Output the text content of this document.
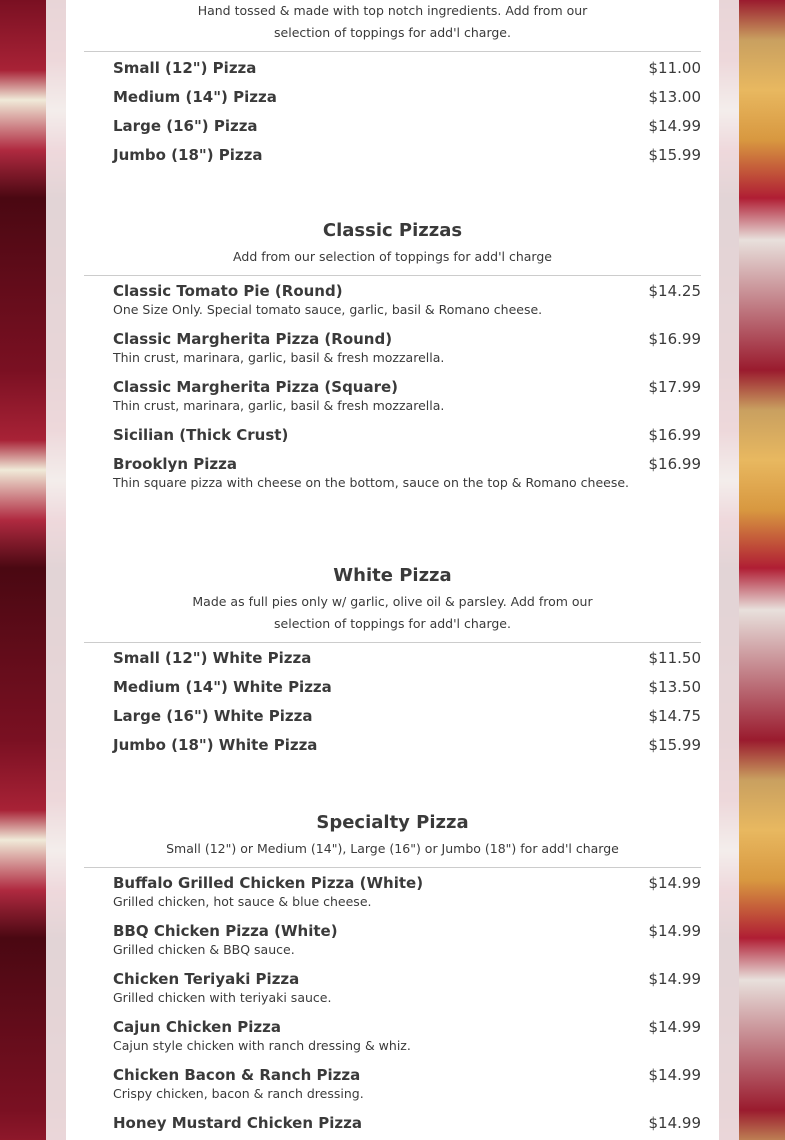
Hand tossed & made with top notch ingredients. Add from our selection of toppings for add'l charge.
Small (12") Pizza	$11.00
Medium (14") Pizza	$13.00
Large (16") Pizza	$14.99
Jumbo (18") Pizza	$15.99
Classic Pizzas
Add from our selection of toppings for add'l charge
Classic Tomato Pie (Round)	$14.25
One Size Only. Special tomato sauce, garlic, basil & Romano cheese.
Classic Margherita Pizza (Round)	$16.99
Thin crust, marinara, garlic, basil & fresh mozzarella.
Classic Margherita Pizza (Square)	$17.99
Thin crust, marinara, garlic, basil & fresh mozzarella.
Sicilian (Thick Crust)	$16.99
Brooklyn Pizza	$16.99
Thin square pizza with cheese on the bottom, sauce on the top & Romano cheese.
White Pizza
Made as full pies only w/ garlic, olive oil & parsley. Add from our selection of toppings for add'l charge.
Small (12") White Pizza	$11.50
Medium (14") White Pizza	$13.50
Large (16") White Pizza	$14.75
Jumbo (18") White Pizza	$15.99
Specialty Pizza
Small (12") or Medium (14"), Large (16") or Jumbo (18") for add'l charge
Buffalo Grilled Chicken Pizza (White)	$14.99
Grilled chicken, hot sauce & blue cheese.
BBQ Chicken Pizza (White)	$14.99
Grilled chicken & BBQ sauce.
Chicken Teriyaki Pizza	$14.99
Grilled chicken with teriyaki sauce.
Cajun Chicken Pizza	$14.99
Cajun style chicken with ranch dressing & whiz.
Chicken Bacon & Ranch Pizza	$14.99
Crispy chicken, bacon & ranch dressing.
Honey Mustard Chicken Pizza	$14.99
